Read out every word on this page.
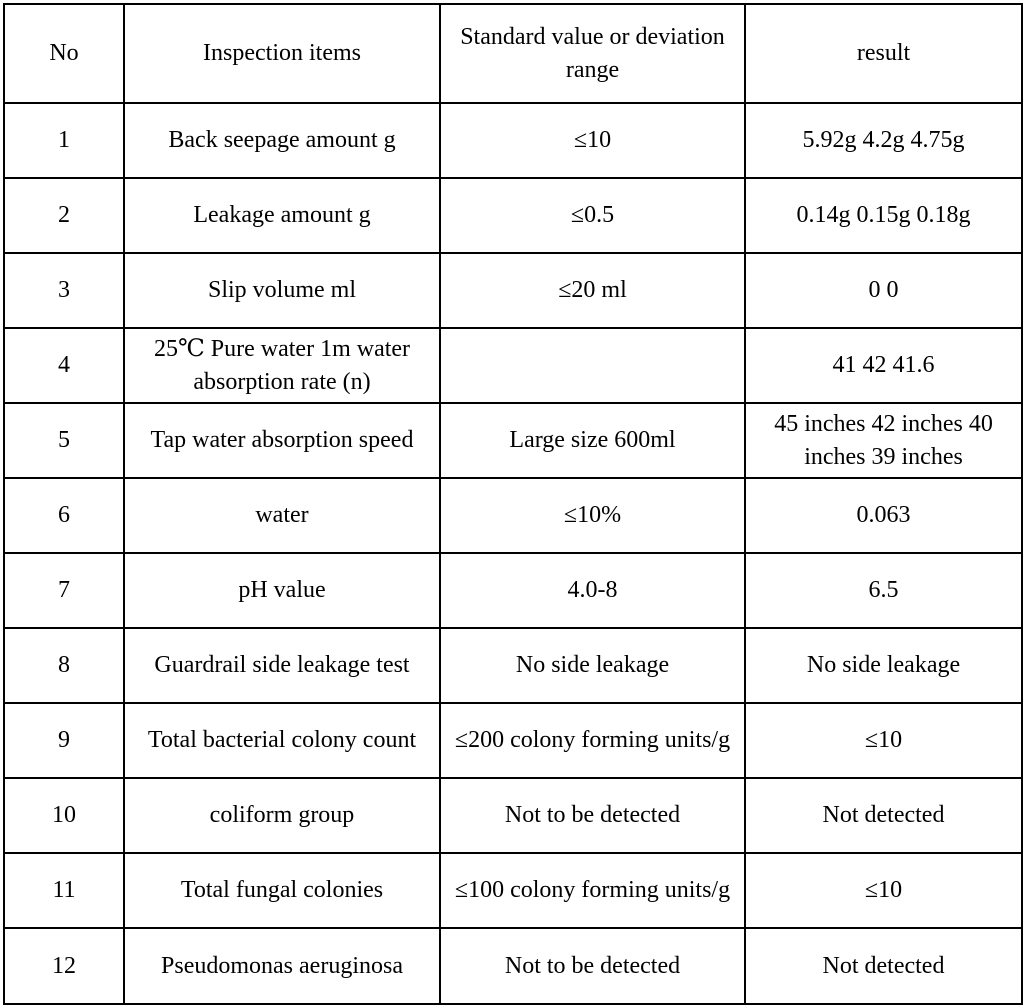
No	Inspection items	Standard value or deviation range	result
1	Back seepage amount g	≤10	5.92g 4.2g 4.75g
2	Leakage amount g	≤0.5	0.14g 0.15g 0.18g
3	Slip volume ml	≤20 ml	0 0
4	25℃ Pure water 1m water absorption rate (n)		41 42 41.6
5	Tap water absorption speed	Large size 600ml	45 inches 42 inches 40 inches 39 inches
6	water	≤10%	0.063
7	pH value	4.0-8	6.5
8	Guardrail side leakage test	No side leakage	No side leakage
9	Total bacterial colony count	≤200 colony forming units/g	≤10
10	coliform group	Not to be detected	Not detected
11	Total fungal colonies	≤100 colony forming units/g	≤10
12	Pseudomonas aeruginosa	Not to be detected	Not detected
